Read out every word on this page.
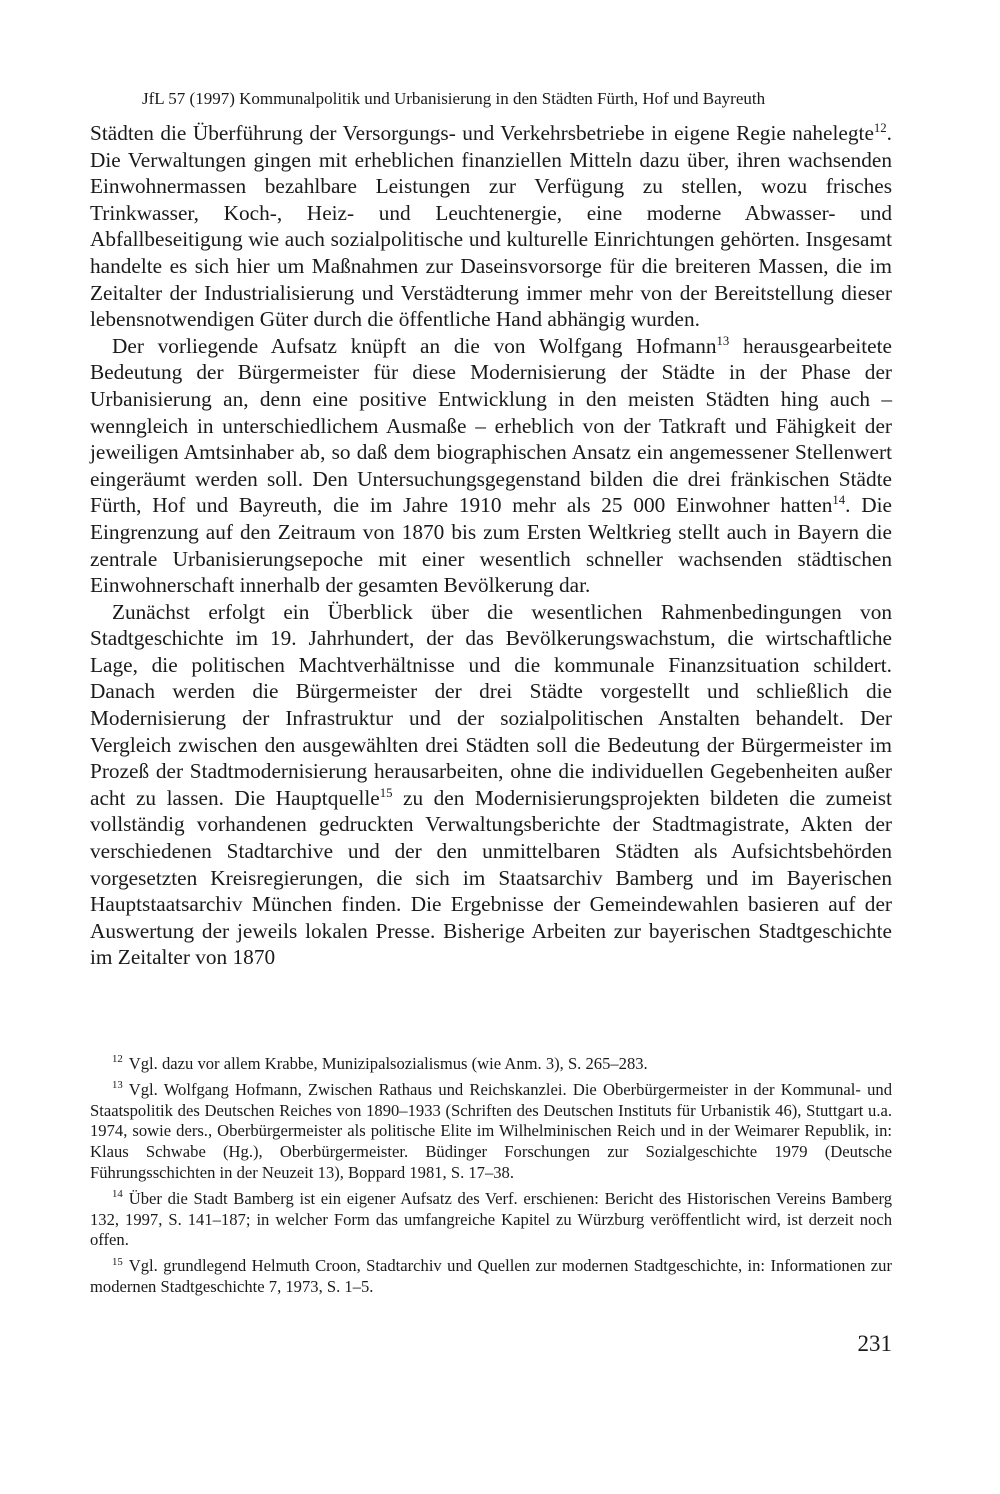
JfL 57 (1997) Kommunalpolitik und Urbanisierung in den Städten Fürth, Hof und Bayreuth

Städten die Überführung der Versorgungs- und Verkehrsbetriebe in eigene Regie nahelegte$^{12}$. Die Verwaltungen gingen mit erheblichen finanziellen Mitteln dazu über, ihren wachsenden Einwohnermassen bezahlbare Leistungen zur Verfügung zu stellen, wozu frisches Trinkwasser, Koch-, Heiz- und Leuchtenergie, eine moderne Abwasser- und Abfallbeseitigung wie auch sozialpolitische und kulturelle Einrichtungen gehörten. Insgesamt handelte es sich hier um Maßnahmen zur Daseinsvorsorge für die breiteren Massen, die im Zeitalter der Industrialisierung und Verstädterung immer mehr von der Bereitstellung dieser lebensnotwendigen Güter durch die öffentliche Hand abhängig wurden.

Der vorliegende Aufsatz knüpft an die von Wolfgang Hofmann$^{13}$ herausgearbeitete Bedeutung der Bürgermeister für diese Modernisierung der Städte in der Phase der Urbanisierung an, denn eine positive Entwicklung in den meisten Städten hing auch – wenngleich in unterschiedlichem Ausmaße – erheblich von der Tatkraft und Fähigkeit der jeweiligen Amtsinhaber ab, so daß dem biographischen Ansatz ein angemessener Stellenwert eingeräumt werden soll. Den Untersuchungsgegenstand bilden die drei fränkischen Städte Fürth, Hof und Bayreuth, die im Jahre 1910 mehr als 25 000 Einwohner hatten$^{14}$. Die Eingrenzung auf den Zeitraum von 1870 bis zum Ersten Weltkrieg stellt auch in Bayern die zentrale Urbanisierungsepoche mit einer wesentlich schneller wachsenden städtischen Einwohnerschaft innerhalb der gesamten Bevölkerung dar.

Zunächst erfolgt ein Überblick über die wesentlichen Rahmenbedingungen von Stadtgeschichte im 19. Jahrhundert, der das Bevölkerungswachstum, die wirtschaftliche Lage, die politischen Machtverhältnisse und die kommunale Finanzsituation schildert. Danach werden die Bürgermeister der drei Städte vorgestellt und schließlich die Modernisierung der Infrastruktur und der sozialpolitischen Anstalten behandelt. Der Vergleich zwischen den ausgewählten drei Städten soll die Bedeutung der Bürgermeister im Prozeß der Stadtmodernisierung herausarbeiten, ohne die individuellen Gegebenheiten außer acht zu lassen. Die Hauptquelle$^{15}$ zu den Modernisierungsprojekten bildeten die zumeist vollständig vorhandenen gedruckten Verwaltungsberichte der Stadtmagistrate, Akten der verschiedenen Stadtarchive und der den unmittelbaren Städten als Aufsichtsbehörden vorgesetzten Kreisregierungen, die sich im Staatsarchiv Bamberg und im Bayerischen Hauptstaatsarchiv München finden. Die Ergebnisse der Gemeindewahlen basieren auf der Auswertung der jeweils lokalen Presse. Bisherige Arbeiten zur bayerischen Stadtgeschichte im Zeitalter von 1870

$^{12}$ Vgl. dazu vor allem Krabbe, Munizipalsozialismus (wie Anm. 3), S. 265–283.

$^{13}$ Vgl. Wolfgang Hofmann, Zwischen Rathaus und Reichskanzlei. Die Oberbürgermeister in der Kommunal- und Staatspolitik des Deutschen Reiches von 1890–1933 (Schriften des Deutschen Instituts für Urbanistik 46), Stuttgart u.a. 1974, sowie ders., Oberbürgermeister als politische Elite im Wilhelminischen Reich und in der Weimarer Republik, in: Klaus Schwabe (Hg.), Oberbürgermeister. Büdinger Forschungen zur Sozialgeschichte 1979 (Deutsche Führungsschichten in der Neuzeit 13), Boppard 1981, S. 17–38.

$^{14}$ Über die Stadt Bamberg ist ein eigener Aufsatz des Verf. erschienen: Bericht des Historischen Vereins Bamberg 132, 1997, S. 141–187; in welcher Form das umfangreiche Kapitel zu Würzburg veröffentlicht wird, ist derzeit noch offen.

$^{15}$ Vgl. grundlegend Helmuth Croon, Stadtarchiv und Quellen zur modernen Stadtgeschichte, in: Informationen zur modernen Stadtgeschichte 7, 1973, S. 1–5.

231
